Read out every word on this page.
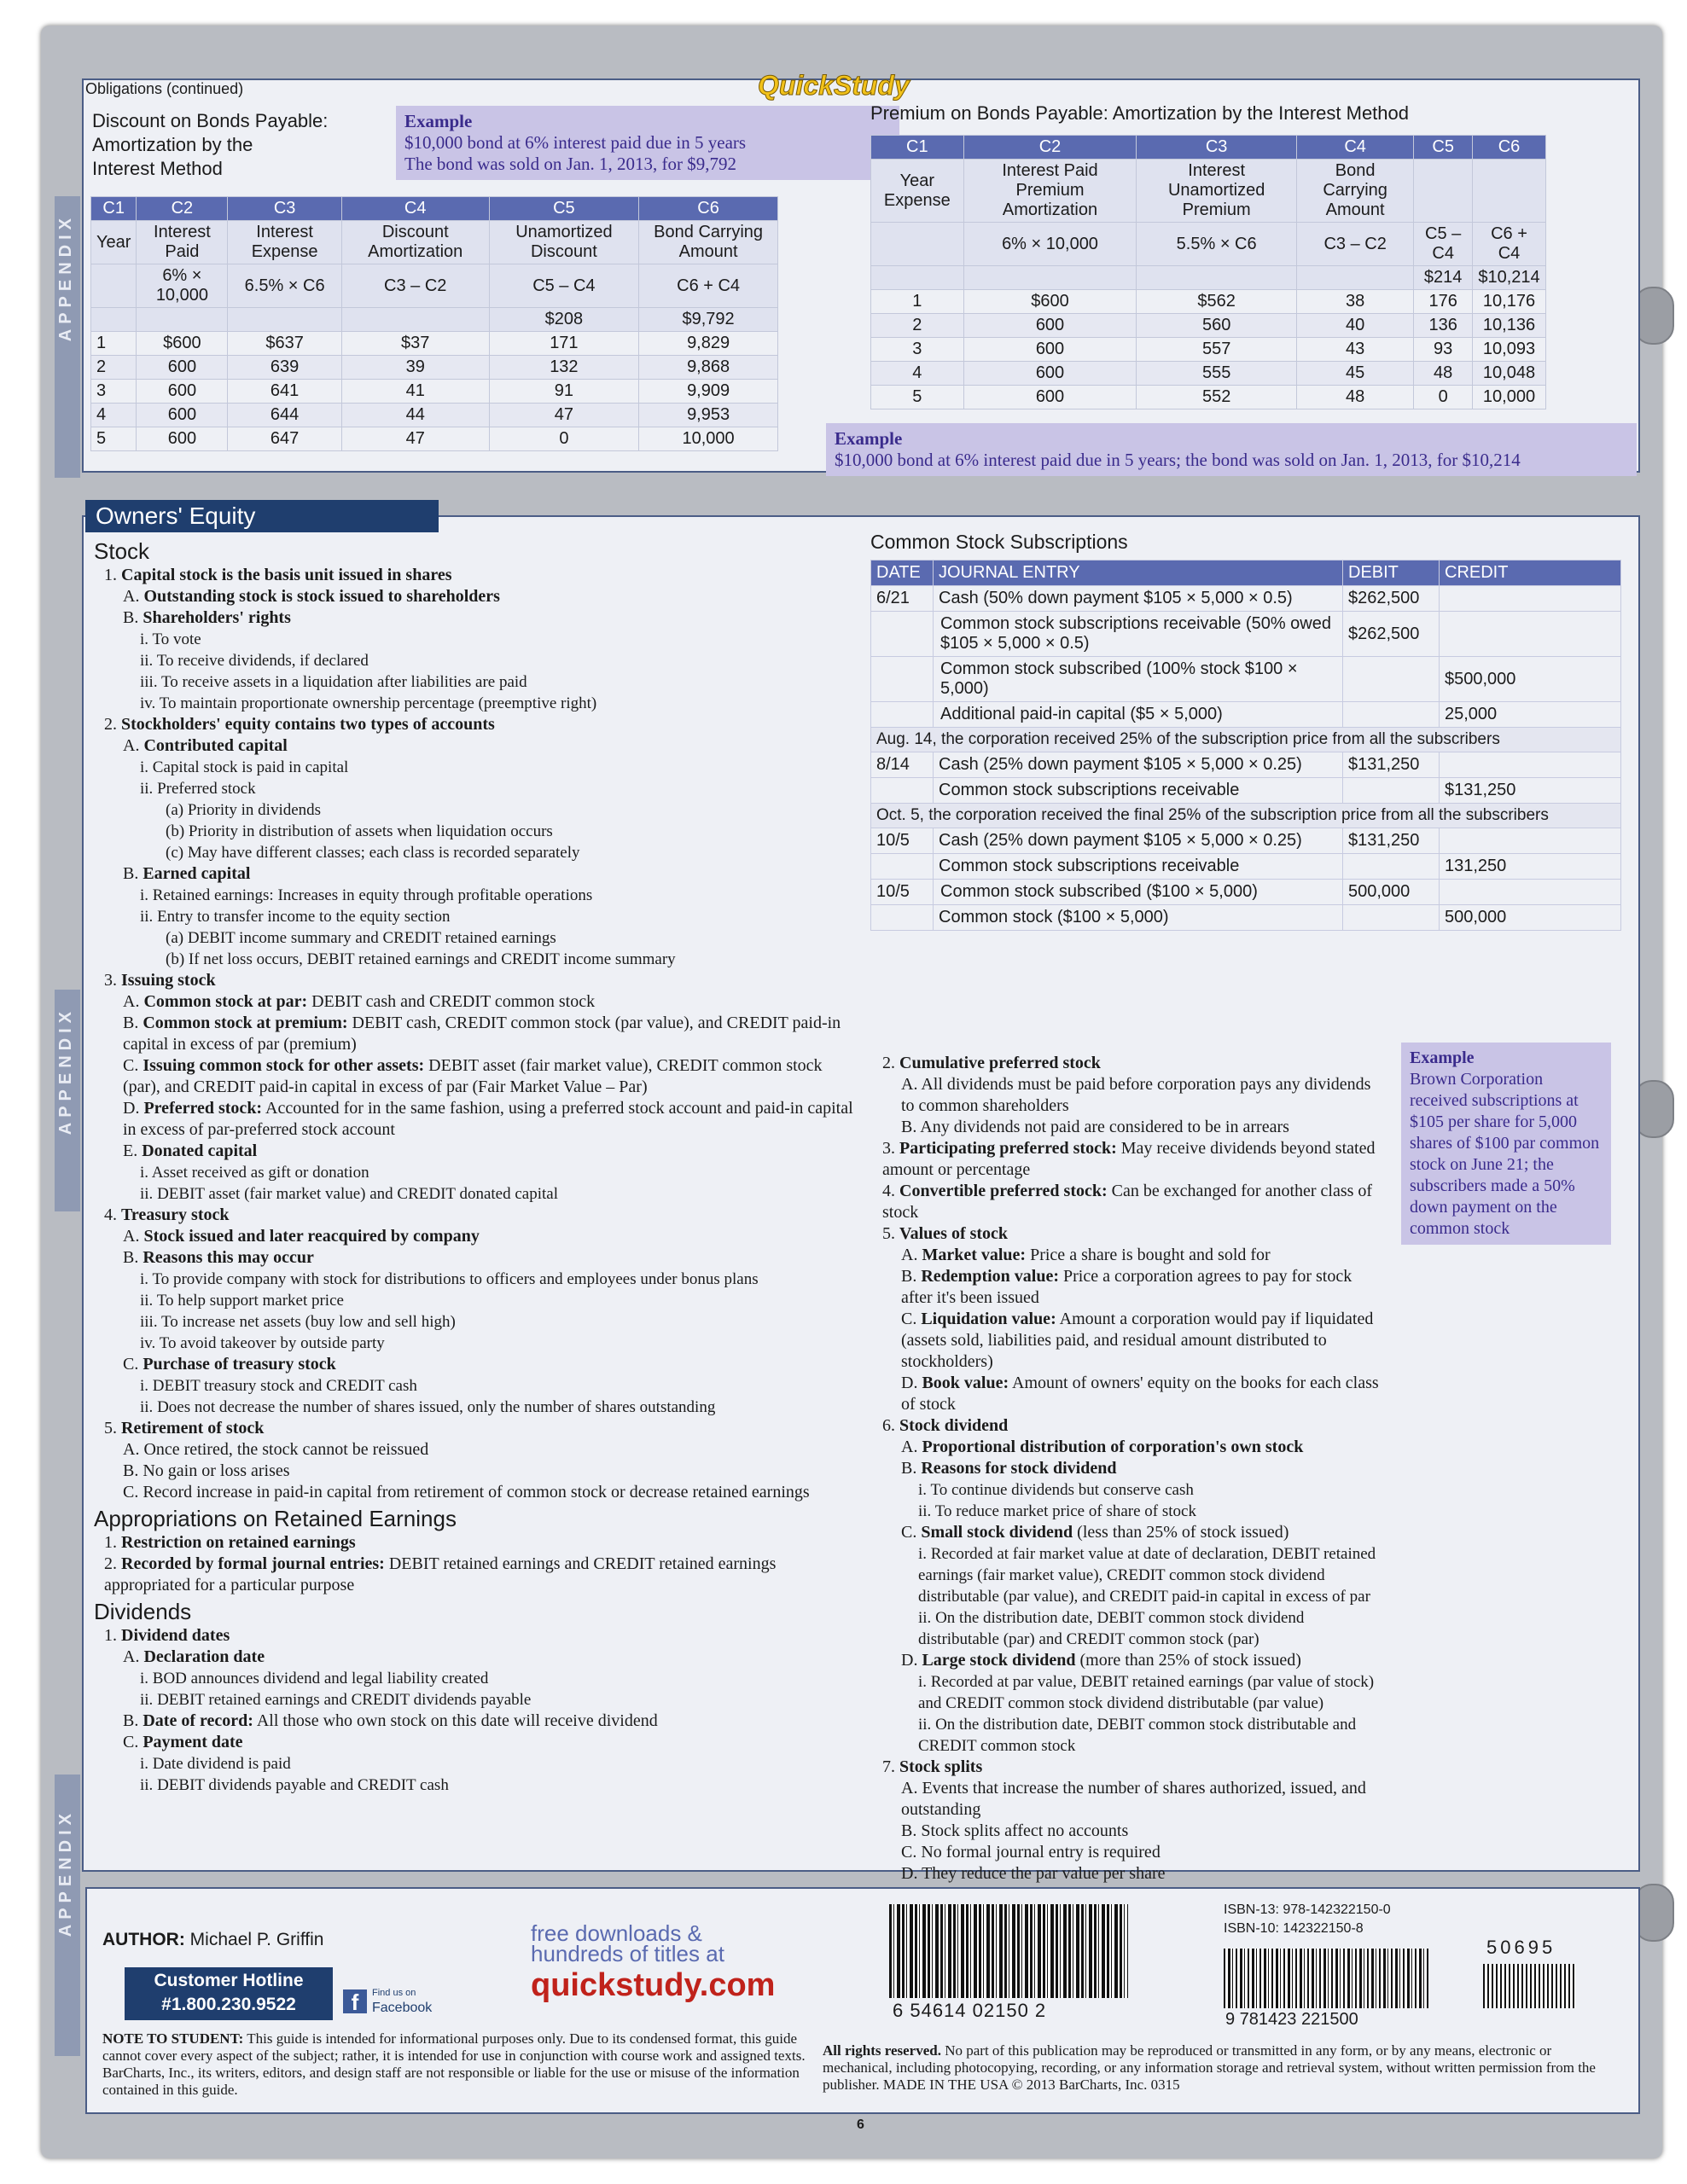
APPENDIX
APPENDIX
APPENDIX
Obligations (continued)	QuickStudy
Discount on Bonds Payable:
Amortization by the
Interest Method
Example
$10,000 bond at 6% interest paid due in 5 years
The bond was sold on Jan. 1, 2013, for $9,792
C1	C2	C3	C4	C5	C6
Year	Interest Paid	Interest Expense	Discount Amortization	Unamortized Discount	Bond Carrying Amount
	6% × 10,000	6.5% × C6	C3 – C2	C5 – C4	C6 + C4
				$208	$9,792
1	$600	$637	$37	171	9,829
2	600	639	39	132	9,868
3	600	641	41	91	9,909
4	600	644	44	47	9,953
5	600	647	47	0	10,000
Premium on Bonds Payable: Amortization by the Interest Method
C1	C2	C3	C4	C5	C6
Year Expense	Interest Paid Premium Amortization	Interest Unamortized Premium	Bond Carrying Amount		
	6% × 10,000	5.5% × C6	C3 – C2	C5 – C4	C6 + C4
				$214	$10,214
1	$600	$562	38	176	10,176
2	600	560	40	136	10,136
3	600	557	43	93	10,093
4	600	555	45	48	10,048
5	600	552	48	0	10,000
Example
$10,000 bond at 6% interest paid due in 5 years; the bond was sold on Jan. 1, 2013, for $10,214
Owners' Equity
Stock
1. Capital stock is the basis unit issued in shares
A. Outstanding stock is stock issued to shareholders
B. Shareholders' rights
i. To vote
ii. To receive dividends, if declared
iii. To receive assets in a liquidation after liabilities are paid
iv. To maintain proportionate ownership percentage (preemptive right)
2. Stockholders' equity contains two types of accounts
A. Contributed capital
i. Capital stock is paid in capital
ii. Preferred stock
(a) Priority in dividends
(b) Priority in distribution of assets when liquidation occurs
(c) May have different classes; each class is recorded separately
B. Earned capital
i. Retained earnings: Increases in equity through profitable operations
ii. Entry to transfer income to the equity section
(a) DEBIT income summary and CREDIT retained earnings
(b) If net loss occurs, DEBIT retained earnings and CREDIT income summary
3. Issuing stock
A. Common stock at par: DEBIT cash and CREDIT common stock
B. Common stock at premium: DEBIT cash, CREDIT common stock (par value), and CREDIT paid-in capital in excess of par (premium)
C. Issuing common stock for other assets: DEBIT asset (fair market value), CREDIT common stock (par), and CREDIT paid-in capital in excess of par (Fair Market Value – Par)
D. Preferred stock: Accounted for in the same fashion, using a preferred stock account and paid-in capital in excess of par-preferred stock account
E. Donated capital
i. Asset received as gift or donation
ii. DEBIT asset (fair market value) and CREDIT donated capital
4. Treasury stock
A. Stock issued and later reacquired by company
B. Reasons this may occur
i. To provide company with stock for distributions to officers and employees under bonus plans
ii. To help support market price
iii. To increase net assets (buy low and sell high)
iv. To avoid takeover by outside party
C. Purchase of treasury stock
i. DEBIT treasury stock and CREDIT cash
ii. Does not decrease the number of shares issued, only the number of shares outstanding
5. Retirement of stock
A. Once retired, the stock cannot be reissued
B. No gain or loss arises
C. Record increase in paid-in capital from retirement of common stock or decrease retained earnings
Appropriations on Retained Earnings
1. Restriction on retained earnings
2. Recorded by formal journal entries: DEBIT retained earnings and CREDIT retained earnings appropriated for a particular purpose
Dividends
1. Dividend dates
A. Declaration date
i. BOD announces dividend and legal liability created
ii. DEBIT retained earnings and CREDIT dividends payable
B. Date of record: All those who own stock on this date will receive dividend
C. Payment date
i. Date dividend is paid
ii. DEBIT dividends payable and CREDIT cash
Common Stock Subscriptions
DATE	JOURNAL ENTRY	DEBIT	CREDIT
6/21	Cash (50% down payment $105 × 5,000 × 0.5)	$262,500	
	Common stock subscriptions receivable (50% owed $105 × 5,000 × 0.5)	$262,500	
	Common stock subscribed (100% stock $100 × 5,000)		$500,000
	Additional paid-in capital ($5 × 5,000)		25,000
Aug. 14, the corporation received 25% of the subscription price from all the subscribers			
8/14	Cash (25% down payment $105 × 5,000 × 0.25)	$131,250	
	Common stock subscriptions receivable		$131,250
Oct. 5, the corporation received the final 25% of the subscription price from all the subscribers			
10/5	Cash (25% down payment $105 × 5,000 × 0.25)	$131,250	
	Common stock subscriptions receivable		131,250
10/5	Common stock subscribed ($100 × 5,000)	500,000	
	Common stock ($100 × 5,000)		500,000
Example
Brown Corporation received subscriptions at $105 per share for 5,000 shares of $100 par common stock on June 21; the subscribers made a 50% down payment on the common stock
2. Cumulative preferred stock
A. All dividends must be paid before corporation pays any dividends to common shareholders
B. Any dividends not paid are considered to be in arrears
3. Participating preferred stock: May receive dividends beyond stated amount or percentage
4. Convertible preferred stock: Can be exchanged for another class of stock
5. Values of stock
A. Market value: Price a share is bought and sold for
B. Redemption value: Price a corporation agrees to pay for stock after it's been issued
C. Liquidation value: Amount a corporation would pay if liquidated (assets sold, liabilities paid, and residual amount distributed to stockholders)
D. Book value: Amount of owners' equity on the books for each class of stock
6. Stock dividend
A. Proportional distribution of corporation's own stock
B. Reasons for stock dividend
i. To continue dividends but conserve cash
ii. To reduce market price of share of stock
C. Small stock dividend (less than 25% of stock issued)
i. Recorded at fair market value at date of declaration, DEBIT retained earnings (fair market value), CREDIT common stock dividend distributable (par value), and CREDIT paid-in capital in excess of par
ii. On the distribution date, DEBIT common stock dividend distributable (par) and CREDIT common stock (par)
D. Large stock dividend (more than 25% of stock issued)
i. Recorded at par value, DEBIT retained earnings (par value of stock) and CREDIT common stock dividend distributable (par value)
ii. On the distribution date, DEBIT common stock distributable and CREDIT common stock
7. Stock splits
A. Events that increase the number of shares authorized, issued, and outstanding
B. Stock splits affect no accounts
C. No formal journal entry is required
D. They reduce the par value per share
AUTHOR: Michael P. Griffin
Customer Hotline
#1.800.230.9522	f	Find us on
Facebook
free downloads &
hundreds of titles at
quickstudy.com
NOTE TO STUDENT: This guide is intended for informational purposes only. Due to its condensed format, this guide cannot cover every aspect of the subject; rather, it is intended for use in conjunction with course work and assigned texts. BarCharts, Inc., its writers, editors, and design staff are not responsible or liable for the use or misuse of the information contained in this guide.
6 54614 02150 2
ISBN-13: 978-142322150-0
ISBN-10: 142322150-8
9 781423 221500
50695
All rights reserved. No part of this publication may be reproduced or transmitted in any form, or by any means, electronic or mechanical, including photocopying, recording, or any information storage and retrieval system, without written permission from the publisher. MADE IN THE USA © 2013 BarCharts, Inc. 0315
6
